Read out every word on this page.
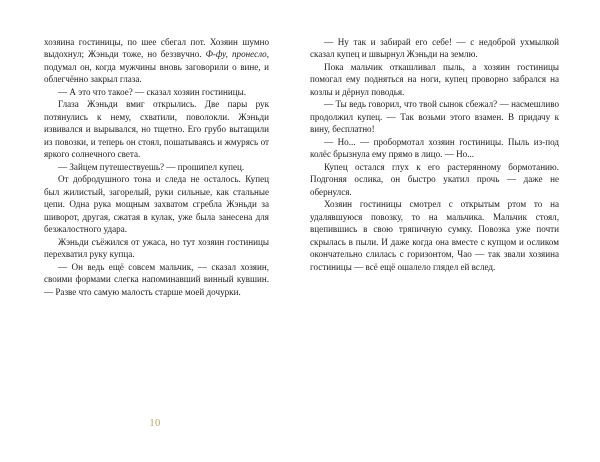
хозяина гостиницы, по шее сбегал пот. Хозяин шумно выдохнул; Жэньди тоже, но беззвучно. Ф-фу, пронесло, подумал он, когда мужчины вновь заговорили о вине, и облегчённо закрыл глаза.

— А это что такое? — сказал хозяин гостиницы.

Глаза Жэньди вмиг открылись. Две пары рук потянулись к нему, схватили, поволокли. Жэньди извивался и вырывался, но тщетно. Его грубо вытащили из повозки, и теперь он стоял, пошатываясь и жмурясь от яркого солнечного света.

— Зайцем путешествуешь? — прошипел купец.

От добродушного тона и следа не осталось. Купец был жилистый, загорелый, руки сильные, как стальные цепи. Одна рука мощным захватом сгребла Жэньди за шиворот, другая, сжатая в кулак, уже была занесена для безжалостного удара.

Жэньди съёжился от ужаса, но тут хозяин гостиницы перехватил руку купца.

— Он ведь ещё совсем мальчик, — сказал хозяин, своими формами слегка напоминавший винный кувшин. — Разве что самую малость старше моей дочурки.

— Ну так и забирай его себе! — с недоброй ухмылкой сказал купец и швырнул Жэньди на землю.

Пока мальчик откашливал пыль, а хозяин гостиницы помогал ему подняться на ноги, купец проворно забрался на козлы и дёрнул поводья.

— Ты ведь говорил, что твой сынок сбежал? — насмешливо продолжил купец. — Так возьми этого взамен. В придачу к вину, бесплатно!

— Но... — пробормотал хозяин гостиницы. Пыль из-под колёс брызнула ему прямо в лицо. — Но...

Купец остался глух к его растерянному бормотанию. Подгоняя ослика, он быстро укатил прочь — даже не обернулся.

Хозяин гостиницы смотрел с открытым ртом то на удалявшуюся повозку, то на мальчика. Мальчик стоял, вцепившись в свою тряпичную сумку. Повозка уже почти скрылась в пыли. И даже когда она вместе с купцом и осликом окончательно слилась с горизонтом, Чао — так звали хозяина гостиницы — всё ещё ошалело глядел ей вслед.

10
